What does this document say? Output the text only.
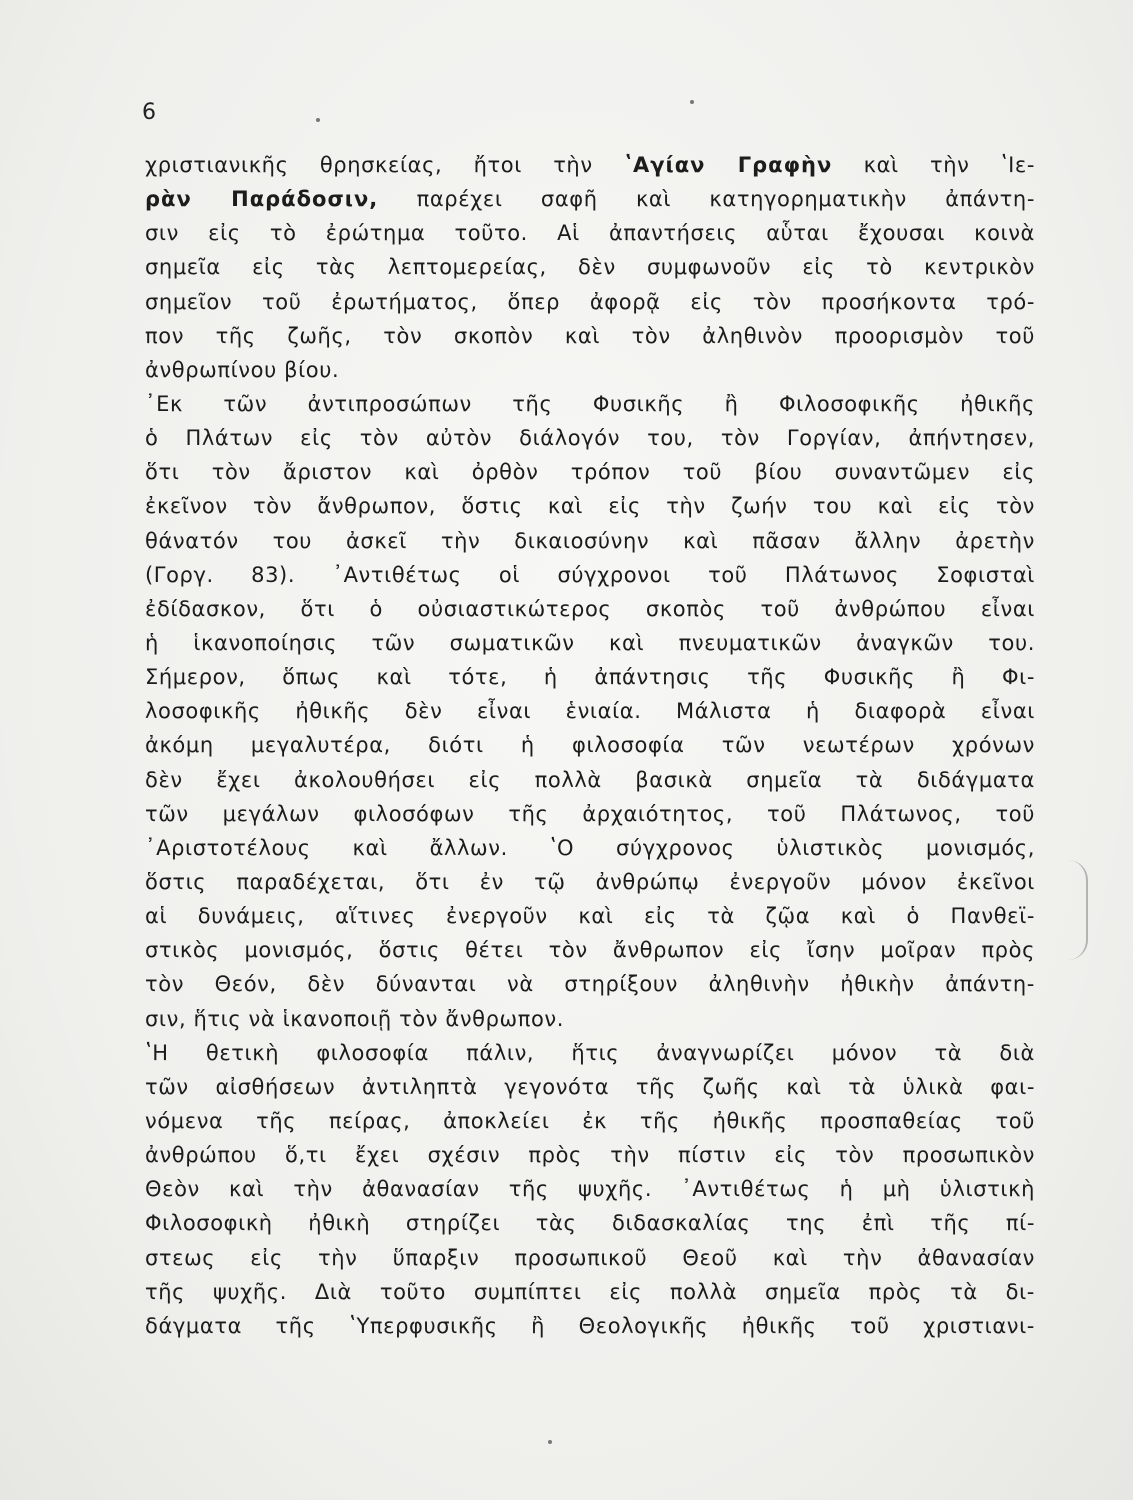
6
χριστιανικῆς θρησκείας, ἤτοι τὴν ʽΑγίαν Γραφὴν καὶ τὴν ʽΙε-
ρὰν Παράδοσιν, παρέχει σαφῆ καὶ κατηγορηματικὴν ἀπάντη-
σιν εἰς τὸ ἐρώτημα τοῦτο. Αἱ ἀπαντήσεις αὗται ἔχουσαι κοινὰ
σημεῖα εἰς τὰς λεπτομερείας, δὲν συμφωνοῦν εἰς τὸ κεντρικὸν
σημεῖον τοῦ ἐρωτήματος, ὅπερ ἀφορᾷ εἰς τὸν προσήκοντα τρό-
πον τῆς ζωῆς, τὸν σκοπὸν καὶ τὸν ἀληθινὸν προορισμὸν τοῦ
ἀνθρωπίνου βίου.
᾿Εκ τῶν ἀντιπροσώπων τῆς Φυσικῆς ἢ Φιλοσοφικῆς ἠθικῆς
ὁ Πλάτων εἰς τὸν αὐτὸν διάλογόν του, τὸν Γοργίαν, ἀπήντησεν,
ὅτι τὸν ἄριστον καὶ ὀρθὸν τρόπον τοῦ βίου συναντῶμεν εἰς
ἐκεῖνον τὸν ἄνθρωπον, ὅστις καὶ εἰς τὴν ζωήν του καὶ εἰς τὸν
θάνατόν του ἀσκεῖ τὴν δικαιοσύνην καὶ πᾶσαν ἄλλην ἀρετὴν
(Γοργ. 83). ᾿Αντιθέτως οἱ σύγχρονοι τοῦ Πλάτωνος Σοφισταὶ
ἐδίδασκον, ὅτι ὁ οὐσιαστικώτερος σκοπὸς τοῦ ἀνθρώπου εἶναι
ἡ ἱκανοποίησις τῶν σωματικῶν καὶ πνευματικῶν ἀναγκῶν του.
Σήμερον, ὅπως καὶ τότε, ἡ ἀπάντησις τῆς Φυσικῆς ἢ Φι-
λοσοφικῆς ἠθικῆς δὲν εἶναι ἑνιαία. Μάλιστα ἡ διαφορὰ εἶναι
ἀκόμη μεγαλυτέρα, διότι ἡ φιλοσοφία τῶν νεωτέρων χρόνων
δὲν ἔχει ἀκολουθήσει εἰς πολλὰ βασικὰ σημεῖα τὰ διδάγματα
τῶν μεγάλων φιλοσόφων τῆς ἀρχαιότητος, τοῦ Πλάτωνος, τοῦ
᾿Αριστοτέλους καὶ ἄλλων. ʽΟ σύγχρονος ὑλιστικὸς μονισμός,
ὅστις παραδέχεται, ὅτι ἐν τῷ ἀνθρώπῳ ἐνεργοῦν μόνον ἐκεῖνοι
αἱ δυνάμεις, αἵτινες ἐνεργοῦν καὶ εἰς τὰ ζῷα καὶ ὁ Πανθεϊ-
στικὸς μονισμός, ὅστις θέτει τὸν ἄνθρωπον εἰς ἴσην μοῖραν πρὸς
τὸν Θεόν, δὲν δύνανται νὰ στηρίξουν ἀληθινὴν ἠθικὴν ἀπάντη-
σιν, ἥτις νὰ ἱκανοποιῇ τὸν ἄνθρωπον.
ʽΗ θετικὴ φιλοσοφία πάλιν, ἥτις ἀναγνωρίζει μόνον τὰ διὰ
τῶν αἰσθήσεων ἀντιληπτὰ γεγονότα τῆς ζωῆς καὶ τὰ ὑλικὰ φαι-
νόμενα τῆς πείρας, ἀποκλείει ἐκ τῆς ἠθικῆς προσπαθείας τοῦ
ἀνθρώπου ὅ,τι ἔχει σχέσιν πρὸς τὴν πίστιν εἰς τὸν προσωπικὸν
Θεὸν καὶ τὴν ἀθανασίαν τῆς ψυχῆς. ᾿Αντιθέτως ἡ μὴ ὑλιστικὴ
Φιλοσοφικὴ ἠθικὴ στηρίζει τὰς διδασκαλίας της ἐπὶ τῆς πί-
στεως εἰς τὴν ὕπαρξιν προσωπικοῦ Θεοῦ καὶ τὴν ἀθανασίαν
τῆς ψυχῆς. Διὰ τοῦτο συμπίπτει εἰς πολλὰ σημεῖα πρὸς τὰ δι-
δάγματα τῆς ʽΥπερφυσικῆς ἢ Θεολογικῆς ἠθικῆς τοῦ χριστιανι-
